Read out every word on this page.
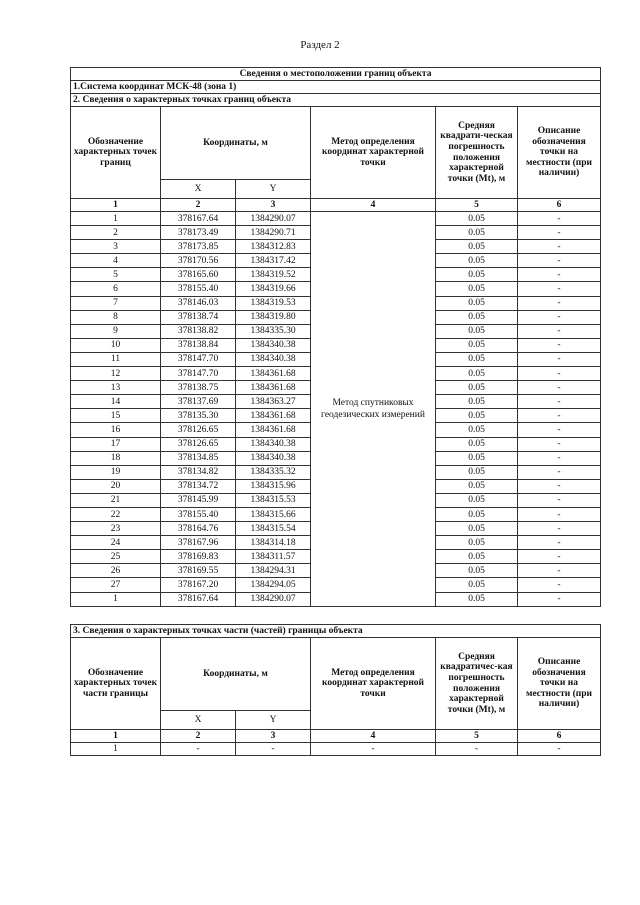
Раздел 2
Сведения о местоположении границ объекта					
1.Система координат МСК-48 (зона 1)					
2. Сведения о характерных точках границ объекта					
Обозначение характерных точек границ	Координаты, м		Метод определения координат характерной точки	Средняя квадрати-ческая погрешность положения характерной точки (Mt), м	Описание обозначения точки на местности (при наличии)
	X	Y			
1	2	3	4	5	6
1	378167.64	1384290.07	Метод спутниковых геодезических измерений	0.05	-
2	378173.49	1384290.71		0.05	-
3	378173.85	1384312.83		0.05	-
4	378170.56	1384317.42		0.05	-
5	378165.60	1384319.52		0.05	-
6	378155.40	1384319.66		0.05	-
7	378146.03	1384319.53		0.05	-
8	378138.74	1384319.80		0.05	-
9	378138.82	1384335.30		0.05	-
10	378138.84	1384340.38		0.05	-
11	378147.70	1384340.38		0.05	-
12	378147.70	1384361.68		0.05	-
13	378138.75	1384361.68		0.05	-
14	378137.69	1384363.27		0.05	-
15	378135.30	1384361.68		0.05	-
16	378126.65	1384361.68		0.05	-
17	378126.65	1384340.38		0.05	-
18	378134.85	1384340.38		0.05	-
19	378134.82	1384335.32		0.05	-
20	378134.72	1384315.96		0.05	-
21	378145.99	1384315.53		0.05	-
22	378155.40	1384315.66		0.05	-
23	378164.76	1384315.54		0.05	-
24	378167.96	1384314.18		0.05	-
25	378169.83	1384311.57		0.05	-
26	378169.55	1384294.31		0.05	-
27	378167.20	1384294.05		0.05	-
1	378167.64	1384290.07		0.05	-
3. Сведения о характерных точках части (частей) границы объекта					
Обозначение характерных точек части границы	Координаты, м		Метод определения координат характерной точки	Средняя квадратичес-кая погрешность положения характерной точки (Mt), м	Описание обозначения точки на местности (при наличии)
	X	Y			
1	2	3	4	5	6
1	-	-	-	-	-
